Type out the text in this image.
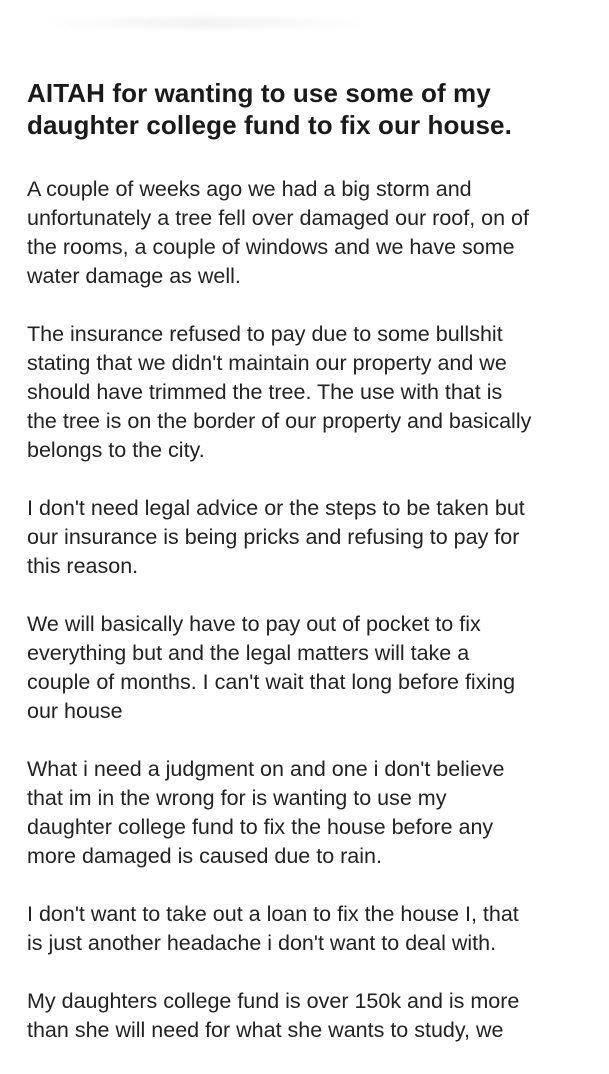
AITAH for wanting to use some of my
daughter college fund to fix our house.

A couple of weeks ago we had a big storm and
unfortunately a tree fell over damaged our roof, on of
the rooms, a couple of windows and we have some
water damage as well.

The insurance refused to pay due to some bullshit
stating that we didn't maintain our property and we
should have trimmed the tree. The use with that is
the tree is on the border of our property and basically
belongs to the city.

I don't need legal advice or the steps to be taken but
our insurance is being pricks and refusing to pay for
this reason.

We will basically have to pay out of pocket to fix
everything but and the legal matters will take a
couple of months. I can't wait that long before fixing
our house

What i need a judgment on and one i don't believe
that im in the wrong for is wanting to use my
daughter college fund to fix the house before any
more damaged is caused due to rain.

I don't want to take out a loan to fix the house I, that
is just another headache i don't want to deal with.

My daughters college fund is over 150k and is more
than she will need for what she wants to study, we
